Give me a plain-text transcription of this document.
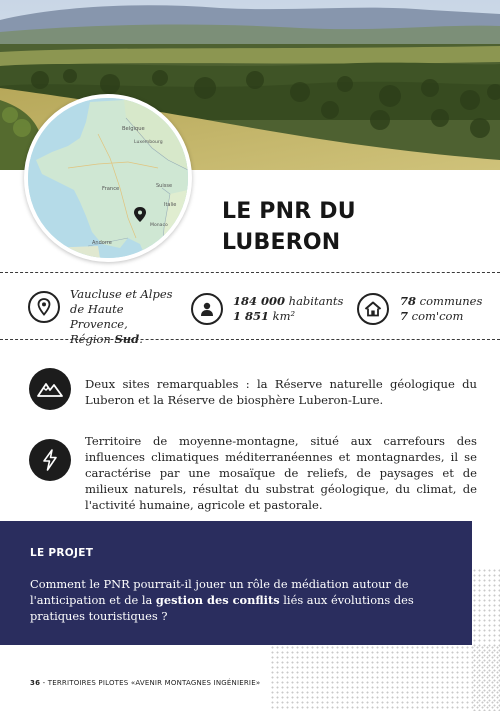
Belgique
Luxembourg
France	Suisse
Italie
Monaco
Andorre
LE PNR DU
LUBERON
Vaucluse et Alpes
de Haute Provence,
Région Sud.
184 000 habitants
1 851 km²
78 communes
7 com'com

Deux sites remarquables : la Réserve naturelle géologique du Luberon et la Réserve de biosphère Luberon-Lure.

Territoire de moyenne-montagne, situé aux carrefours des influences climatiques méditerranéennes et montagnardes, il se caractérise par une mosaïque de reliefs, de paysages et de milieux naturels, résultat du substrat géologique, du climat, de l'activité humaine, agricole et pastorale.

LE PROJET

Comment le PNR pourrait-il jouer un rôle de médiation autour de l'anticipation et de la gestion des conflits liés aux évolutions des pratiques touristiques ?

36 - TERRITOIRES PILOTES «AVENIR MONTAGNES INGÉNIERIE»
